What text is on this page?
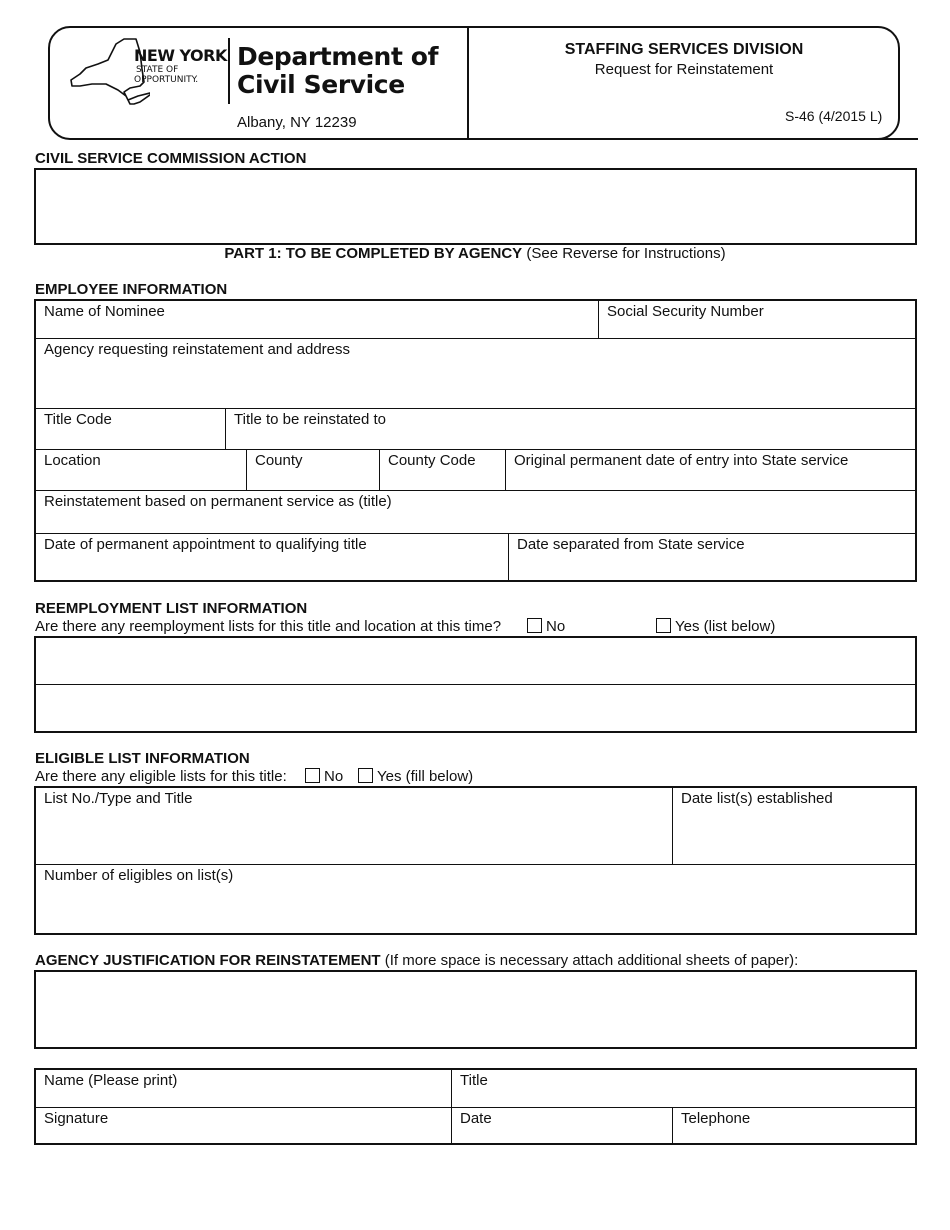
NEW YORK
STATE OF
OPPORTUNITY.
Department of
Civil Service
Albany, NY 12239
STAFFING SERVICES DIVISION
Request for Reinstatement
S-46 (4/2015 L)
CIVIL SERVICE COMMISSION ACTION
PART 1: TO BE COMPLETED BY AGENCY (See Reverse for Instructions)
EMPLOYEE INFORMATION
Name of Nominee	Social Security Number
Agency requesting reinstatement and address
Title Code	Title to be reinstated to
Location	County	County Code	Original permanent date of entry into State service
Reinstatement based on permanent service as (title)
Date of permanent appointment to qualifying title	Date separated from State service
REEMPLOYMENT LIST INFORMATION
Are there any reemployment lists for this title and location at this time?	No	Yes (list below)
ELIGIBLE LIST INFORMATION
Are there any eligible lists for this title:	No	Yes (fill below)
List No./Type and Title	Date list(s) established
Number of eligibles on list(s)
AGENCY JUSTIFICATION FOR REINSTATEMENT (If more space is necessary attach additional sheets of paper):
Name (Please print)	Title
Signature	Date	Telephone
